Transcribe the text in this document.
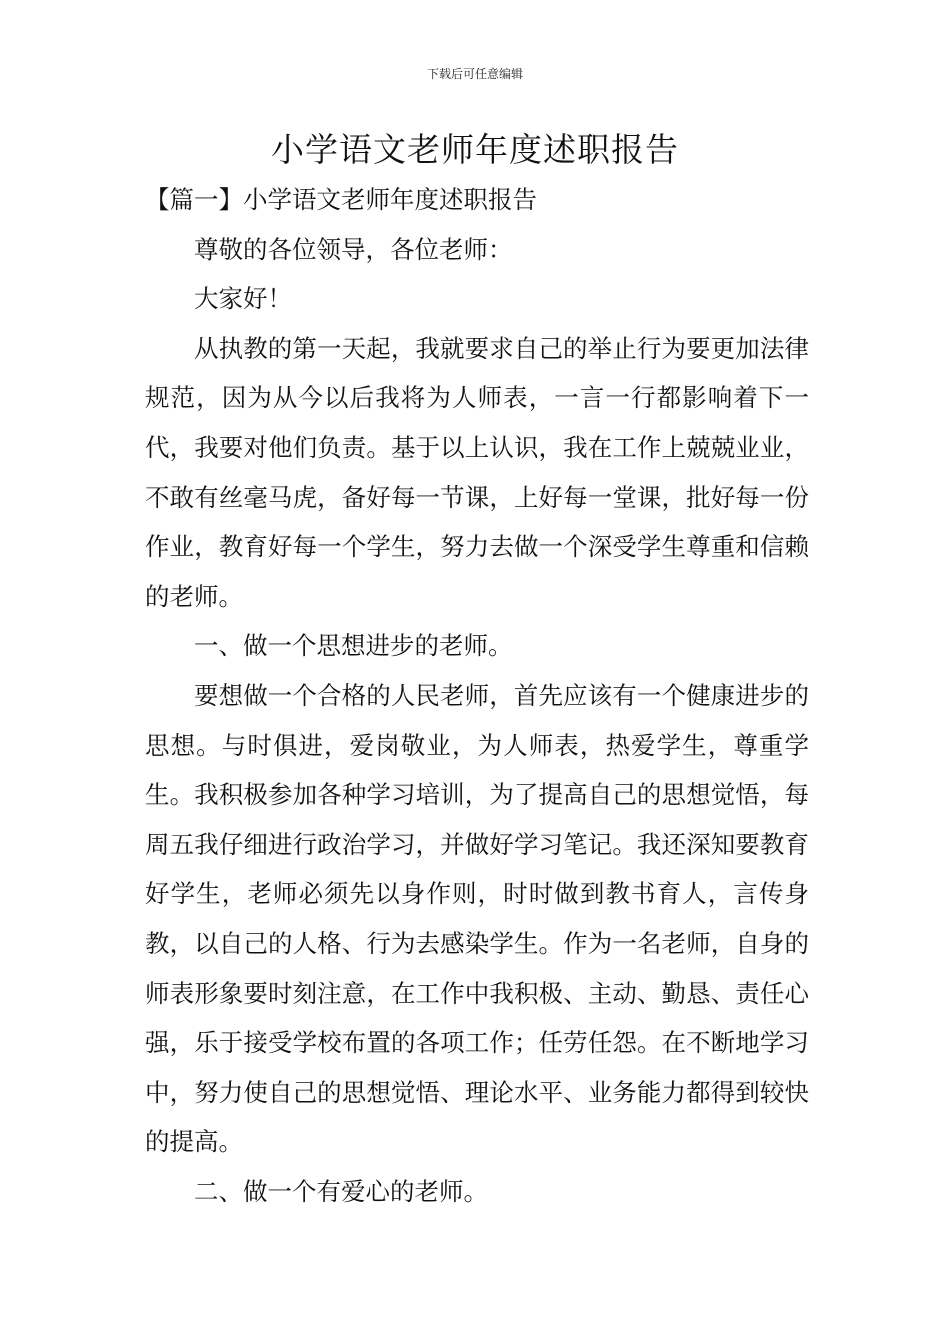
下载后可任意编辑
小学语文老师年度述职报告

【篇一】小学语文老师年度述职报告

尊敬的各位领导，各位老师：

大家好！

从执教的第一天起，我就要求自己的举止行为要更加法律规范，因为从今以后我将为人师表，一言一行都影响着下一代，我要对他们负责。基于以上认识，我在工作上兢兢业业，不敢有丝毫马虎，备好每一节课，上好每一堂课，批好每一份作业，教育好每一个学生，努力去做一个深受学生尊重和信赖的老师。

一、做一个思想进步的老师。

要想做一个合格的人民老师，首先应该有一个健康进步的思想。与时俱进，爱岗敬业，为人师表，热爱学生，尊重学生。我积极参加各种学习培训，为了提高自己的思想觉悟，每周五我仔细进行政治学习，并做好学习笔记。我还深知要教育好学生，老师必须先以身作则，时时做到教书育人，言传身教，以自己的人格、行为去感染学生。作为一名老师，自身的师表形象要时刻注意，在工作中我积极、主动、勤恳、责任心强，乐于接受学校布置的各项工作；任劳任怨。在不断地学习中，努力使自己的思想觉悟、理论水平、业务能力都得到较快的提高。

二、做一个有爱心的老师。
